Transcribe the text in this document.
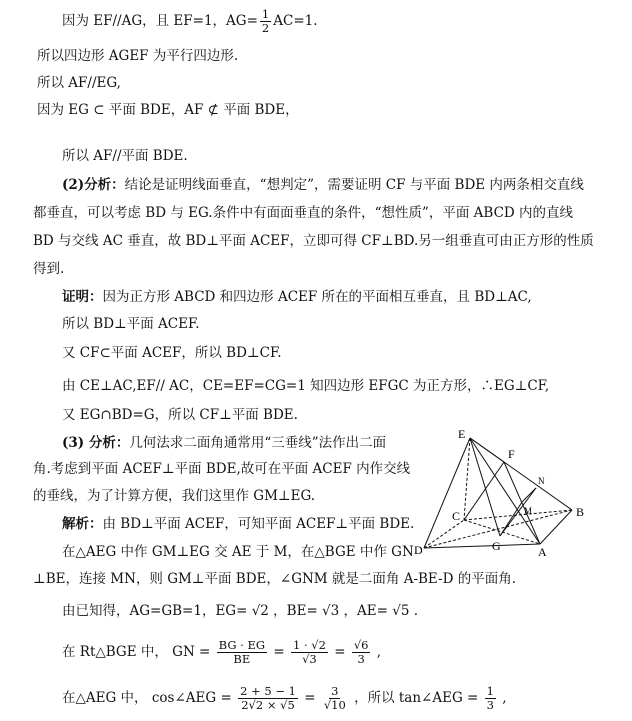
因为 EF//AG，且 EF=1，$AG= \frac{1}{2} AC=1$.
所以四边形 AGEF 为平行四边形.
所以 AF//EG,
因为 EG ⊂ 平面 BDE，AF ⊄ 平面 BDE，
所以 AF//平面 BDE.
(2)分析：结论是证明线面垂直，“想判定”，需要证明 CF 与平面 BDE 内两条相交直线
都垂直，可以考虑 BD 与 EG.条件中有面面垂直的条件，“想性质”，平面 ABCD 内的直线
BD 与交线 AC 垂直，故 BD⊥平面 ACEF，立即可得 CF⊥BD.另一组垂直可由正方形的性质
得到.
证明：因为正方形 ABCD 和四边形 ACEF 所在的平面相互垂直，且 BD⊥AC,
所以 BD⊥平面 ACEF.
又 CF⊂平面 ACEF，所以 BD⊥CF.
由 CE⊥AC,EF// AC，CE=EF=CG=1 知四边形 EFGC 为正方形，∴EG⊥CF,
又 EG∩BD=G，所以 CF⊥平面 BDE.
(3) 分析：几何法求二面角通常用“三垂线”法作出二面
角.考虑到平面 ACEF⊥平面 BDE,故可在平面 ACEF 内作交线
的垂线，为了计算方便，我们这里作 GM⊥EG.
解析：由 BD⊥平面 ACEF，可知平面 ACEF⊥平面 BDE.
在△AEG 中作 GM⊥EG 交 AE 于 M，在△BGE 中作 GN
⊥BE，连接 MN，则 GM⊥平面 BDE，∠GNM 就是二面角 A-BE-D 的平面角.
由已知得，AG=GB=1，EG= √2 ，BE= √3 ，AE= √5 .
在 Rt△BGE 中， GN = $\frac{BG \cdot EG}{BE} = \frac{1 \cdot √2}{√3} = \frac{√6}{3}$ ,
在△AEG 中， cos∠AEG = $\frac{2 + 5 - 1}{2√2 \times √5} = \frac{3}{√10}$ ，所以 tan∠AEG = $\frac{1}{3}$ ,
E
F
N
C	M	B
D	G	A
